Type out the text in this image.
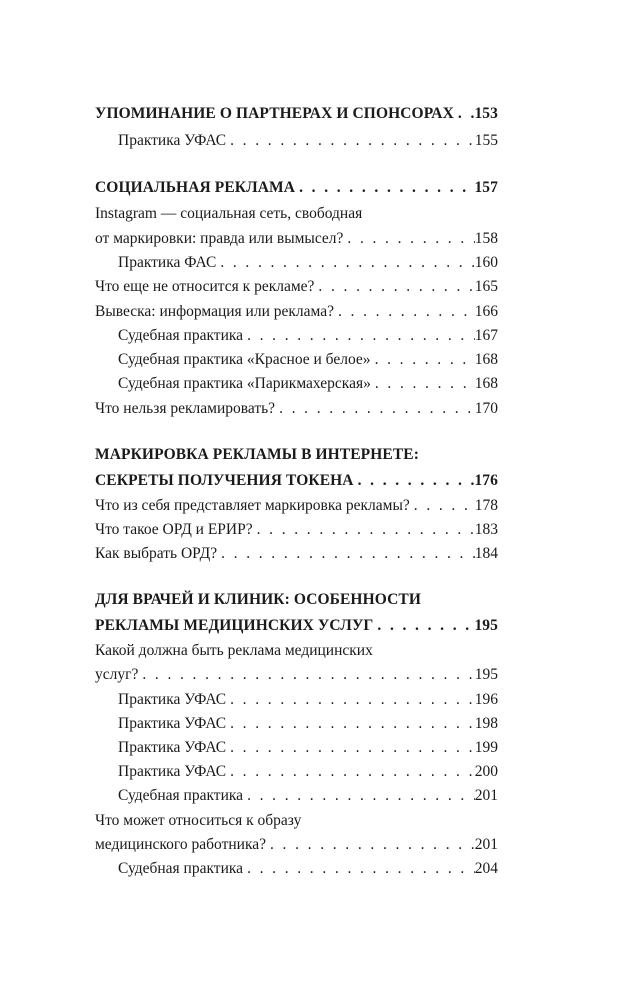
УПОМИНАНИЕ О ПАРТНЕРАХ И СПОНСОРАХ . . . 153
Практика УФАС . . .	155
СОЦИАЛЬНАЯ РЕКЛАМА . . .	157
Instagram — социальная сеть, свободная
от маркировки: правда или вымысел? . . .	158
Практика ФАС . . .	160
Что еще не относится к рекламе? . . .	165
Вывеска: информация или реклама? . . .	166
Судебная практика . . .	167
Судебная практика «Красное и белое» . . .	168
Судебная практика «Парикмахерская» . . .	168
Что нельзя рекламировать? . . .	170
МАРКИРОВКА РЕКЛАМЫ В ИНТЕРНЕТЕ:
СЕКРЕТЫ ПОЛУЧЕНИЯ ТОКЕНА . . .	176
Что из себя представляет маркировка рекламы? . . .	178
Что такое ОРД и ЕРИР? . . .	183
Как выбрать ОРД? . . .	184
ДЛЯ ВРАЧЕЙ И КЛИНИК: ОСОБЕННОСТИ
РЕКЛАМЫ МЕДИЦИНСКИХ УСЛУГ . . .	195
Какой должна быть реклама медицинских
услуг? . . .	195
Практика УФАС . . .	196
Практика УФАС . . .	198
Практика УФАС . . .	199
Практика УФАС . . .	200
Судебная практика . . .	201
Что может относиться к образу
медицинского работника? . . .	201
Судебная практика . . .	204
